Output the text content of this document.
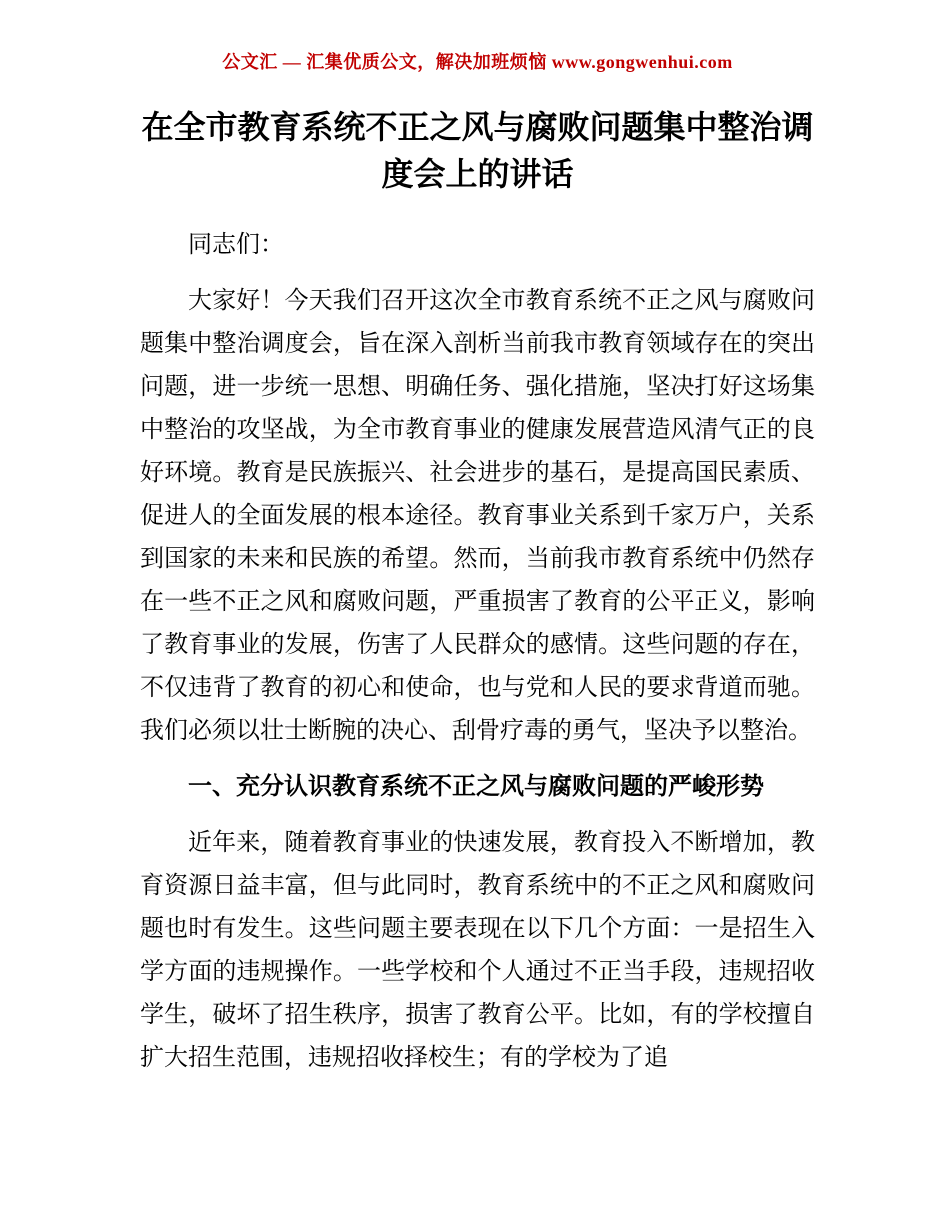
公文汇 — 汇集优质公文，解决加班烦恼 www.gongwenhui.com
在全市教育系统不正之风与腐败问题集中整治调度会上的讲话

同志们：

大家好！今天我们召开这次全市教育系统不正之风与腐败问题集中整治调度会，旨在深入剖析当前我市教育领域存在的突出问题，进一步统一思想、明确任务、强化措施，坚决打好这场集中整治的攻坚战，为全市教育事业的健康发展营造风清气正的良好环境。教育是民族振兴、社会进步的基石，是提高国民素质、促进人的全面发展的根本途径。教育事业关系到千家万户，关系到国家的未来和民族的希望。然而，当前我市教育系统中仍然存在一些不正之风和腐败问题，严重损害了教育的公平正义，影响了教育事业的发展，伤害了人民群众的感情。这些问题的存在，不仅违背了教育的初心和使命，也与党和人民的要求背道而驰。我们必须以壮士断腕的决心、刮骨疗毒的勇气，坚决予以整治。

一、充分认识教育系统不正之风与腐败问题的严峻形势

近年来，随着教育事业的快速发展，教育投入不断增加，教育资源日益丰富，但与此同时，教育系统中的不正之风和腐败问题也时有发生。这些问题主要表现在以下几个方面：一是招生入学方面的违规操作。一些学校和个人通过不正当手段，违规招收学生，破坏了招生秩序，损害了教育公平。比如，有的学校擅自扩大招生范围，违规招收择校生；有的学校为了追
